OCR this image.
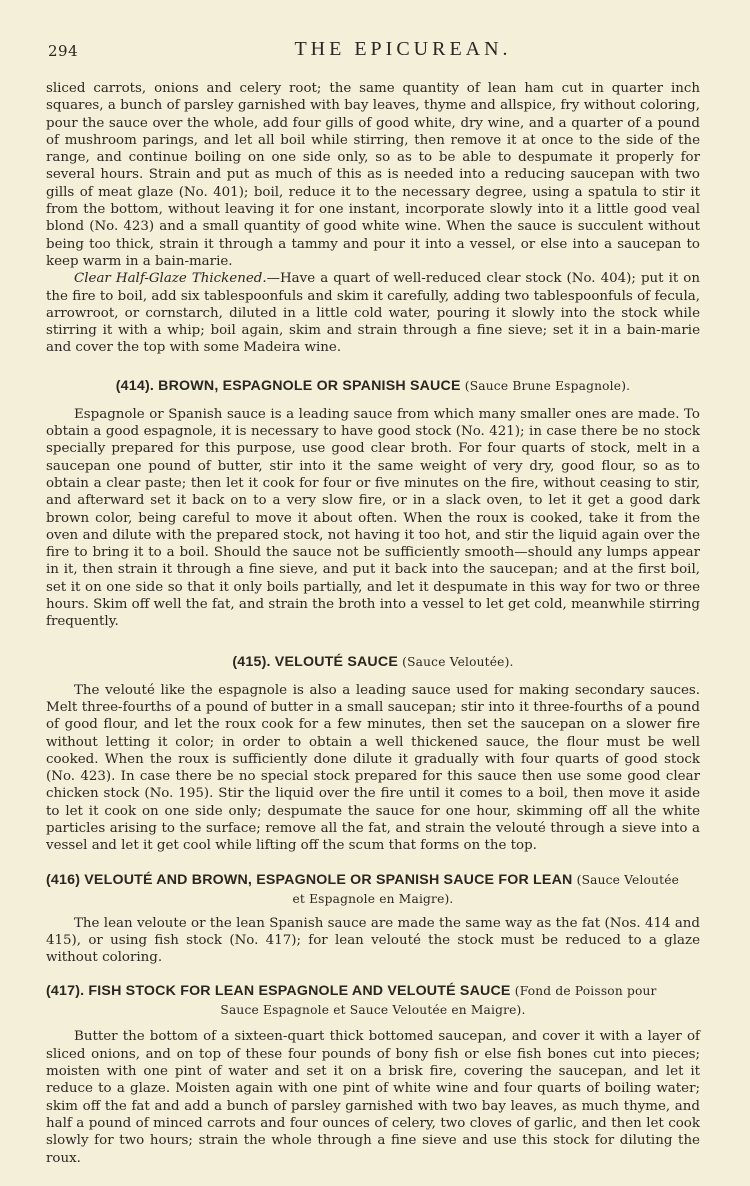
294	THE EPICUREAN.

sliced carrots, onions and celery root; the same quantity of lean ham cut in quarter inch squares, a bunch of parsley garnished with bay leaves, thyme and allspice, fry without coloring, pour the sauce over the whole, add four gills of good white, dry wine, and a quarter of a pound of mushroom parings, and let all boil while stirring, then remove it at once to the side of the range, and continue boiling on one side only, so as to be able to despumate it properly for several hours. Strain and put as much of this as is needed into a reducing saucepan with two gills of meat glaze (No. 401); boil, reduce it to the necessary degree, using a spatula to stir it from the bottom, without leaving it for one instant, incorporate slowly into it a little good veal blond (No. 423) and a small quantity of good white wine. When the sauce is succulent without being too thick, strain it through a tammy and pour it into a vessel, or else into a saucepan to keep warm in a bain-marie.

Clear Half-Glaze Thickened.—Have a quart of well-reduced clear stock (No. 404); put it on the fire to boil, add six tablespoonfuls and skim it carefully, adding two tablespoonfuls of fecula, arrowroot, or cornstarch, diluted in a little cold water, pouring it slowly into the stock while stirring it with a whip; boil again, skim and strain through a fine sieve; set it in a bain-marie and cover the top with some Madeira wine.

(414). BROWN, ESPAGNOLE OR SPANISH SAUCE (Sauce Brune Espagnole).

Espagnole or Spanish sauce is a leading sauce from which many smaller ones are made. To obtain a good espagnole, it is necessary to have good stock (No. 421); in case there be no stock specially prepared for this purpose, use good clear broth. For four quarts of stock, melt in a saucepan one pound of butter, stir into it the same weight of very dry, good flour, so as to obtain a clear paste; then let it cook for four or five minutes on the fire, without ceasing to stir, and afterward set it back on to a very slow fire, or in a slack oven, to let it get a good dark brown color, being careful to move it about often. When the roux is cooked, take it from the oven and dilute with the prepared stock, not having it too hot, and stir the liquid again over the fire to bring it to a boil. Should the sauce not be sufficiently smooth—should any lumps appear in it, then strain it through a fine sieve, and put it back into the saucepan; and at the first boil, set it on one side so that it only boils partially, and let it despumate in this way for two or three hours. Skim off well the fat, and strain the broth into a vessel to let get cold, meanwhile stirring frequently.

(415). VELOUTÉ SAUCE (Sauce Veloutée).

The velouté like the espagnole is also a leading sauce used for making secondary sauces. Melt three-fourths of a pound of butter in a small saucepan; stir into it three-fourths of a pound of good flour, and let the roux cook for a few minutes, then set the saucepan on a slower fire without letting it color; in order to obtain a well thickened sauce, the flour must be well cooked. When the roux is sufficiently done dilute it gradually with four quarts of good stock (No. 423). In case there be no special stock prepared for this sauce then use some good clear chicken stock (No. 195). Stir the liquid over the fire until it comes to a boil, then move it aside to let it cook on one side only; despumate the sauce for one hour, skimming off all the white particles arising to the surface; remove all the fat, and strain the velouté through a sieve into a vessel and let it get cool while lifting off the scum that forms on the top.

(416) VELOUTÉ AND BROWN, ESPAGNOLE OR SPANISH SAUCE FOR LEAN (Sauce Veloutée
et Espagnole en Maigre).

The lean veloute or the lean Spanish sauce are made the same way as the fat (Nos. 414 and 415), or using fish stock (No. 417); for lean velouté the stock must be reduced to a glaze without coloring.

(417). FISH STOCK FOR LEAN ESPAGNOLE AND VELOUTÉ SAUCE (Fond de Poisson pour
Sauce Espagnole et Sauce Veloutée en Maigre).

Butter the bottom of a sixteen-quart thick bottomed saucepan, and cover it with a layer of sliced onions, and on top of these four pounds of bony fish or else fish bones cut into pieces; moisten with one pint of water and set it on a brisk fire, covering the saucepan, and let it reduce to a glaze. Moisten again with one pint of white wine and four quarts of boiling water; skim off the fat and add a bunch of parsley garnished with two bay leaves, as much thyme, and half a pound of minced carrots and four ounces of celery, two cloves of garlic, and then let cook slowly for two hours; strain the whole through a fine sieve and use this stock for diluting the roux.
